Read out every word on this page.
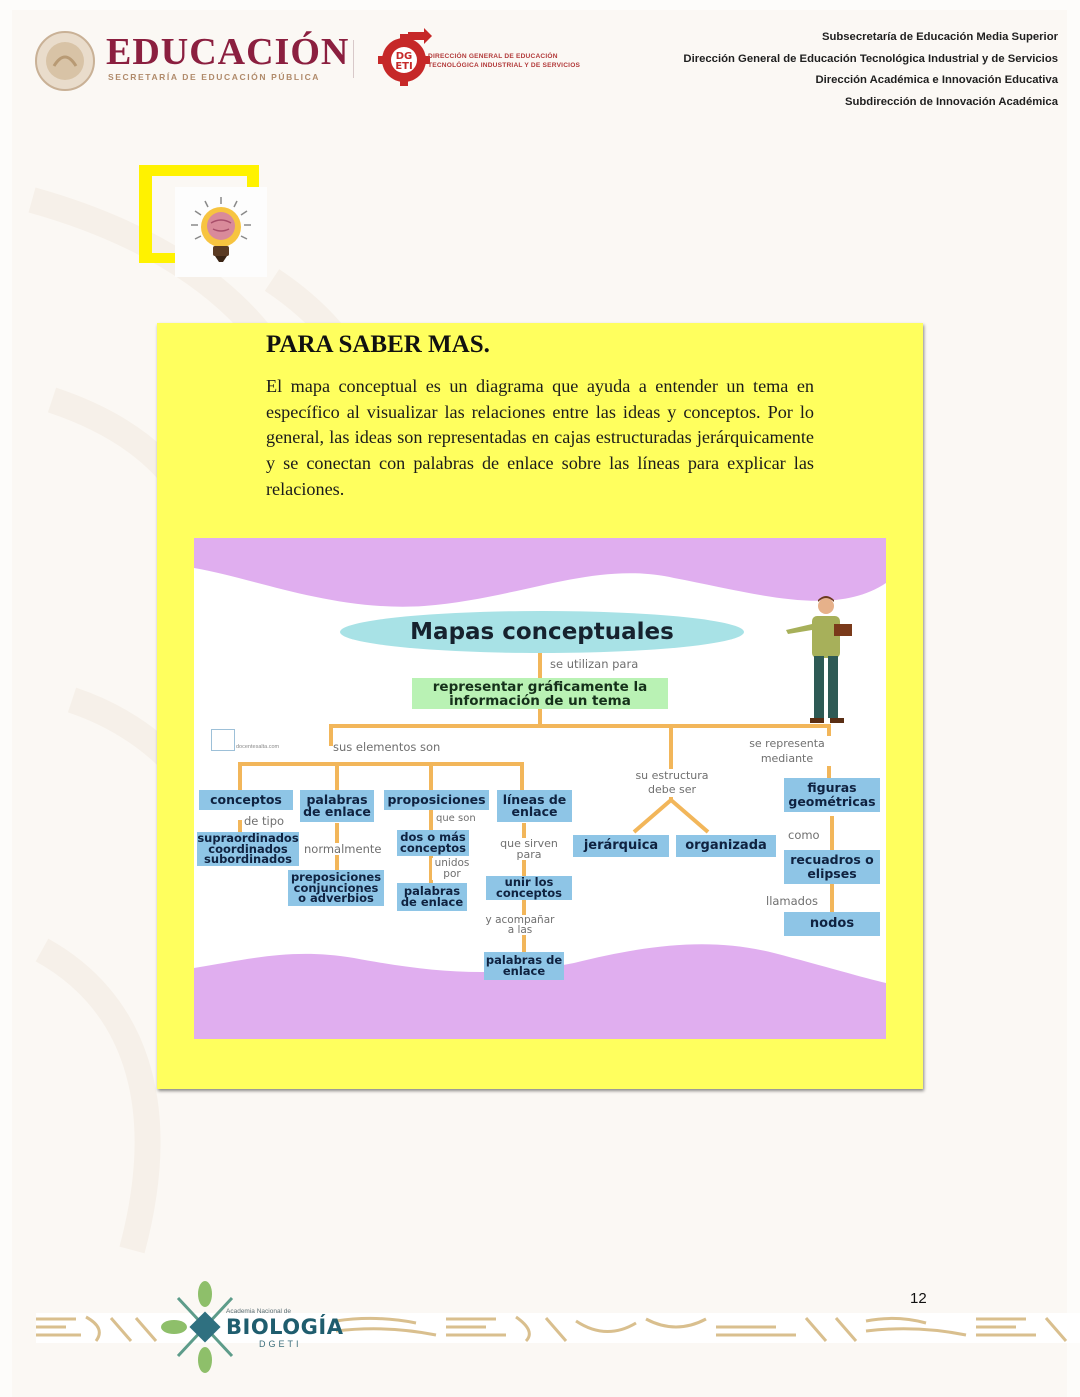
EDUCACIÓN
SECRETARÍA DE EDUCACIÓN PÚBLICA
DG
ETI
DIRECCIÓN GENERAL DE EDUCACIÓN
TECNOLÓGICA INDUSTRIAL Y DE SERVICIOS
Subsecretaría de Educación Media Superior
Dirección General de Educación Tecnológica Industrial y de Servicios
Dirección Académica e Innovación Educativa
Subdirección de Innovación Académica
PARA SABER MAS.
El mapa conceptual es un diagrama que ayuda a entender un tema en específico al visualizar las relaciones entre las ideas y conceptos. Por lo general, las ideas son representadas en cajas estructuradas jerárquicamente y se conectan con palabras de enlace sobre las líneas para explicar las relaciones.
Mapas conceptuales
se utilizan para
representar gráficamente la información de un tema
docentesalta.com	sus elementos son
conceptos	palabras de enlace
proposiciones	líneas de enlace
de tipo
supraordinados coordinados subordinados
normalmente
preposiciones conjunciones o adverbios
que son
dos o más conceptos
unidos por
palabras de enlace
que sirven para
unir los conceptos
y acompañar a las
palabras de enlace
su estructura debe ser
jerárquica	organizada
se representa mediante
figuras geométricas
como
recuadros o elipses
llamados
nodos
12
Academia Nacional de
BIOLOGÍA
DGETI
